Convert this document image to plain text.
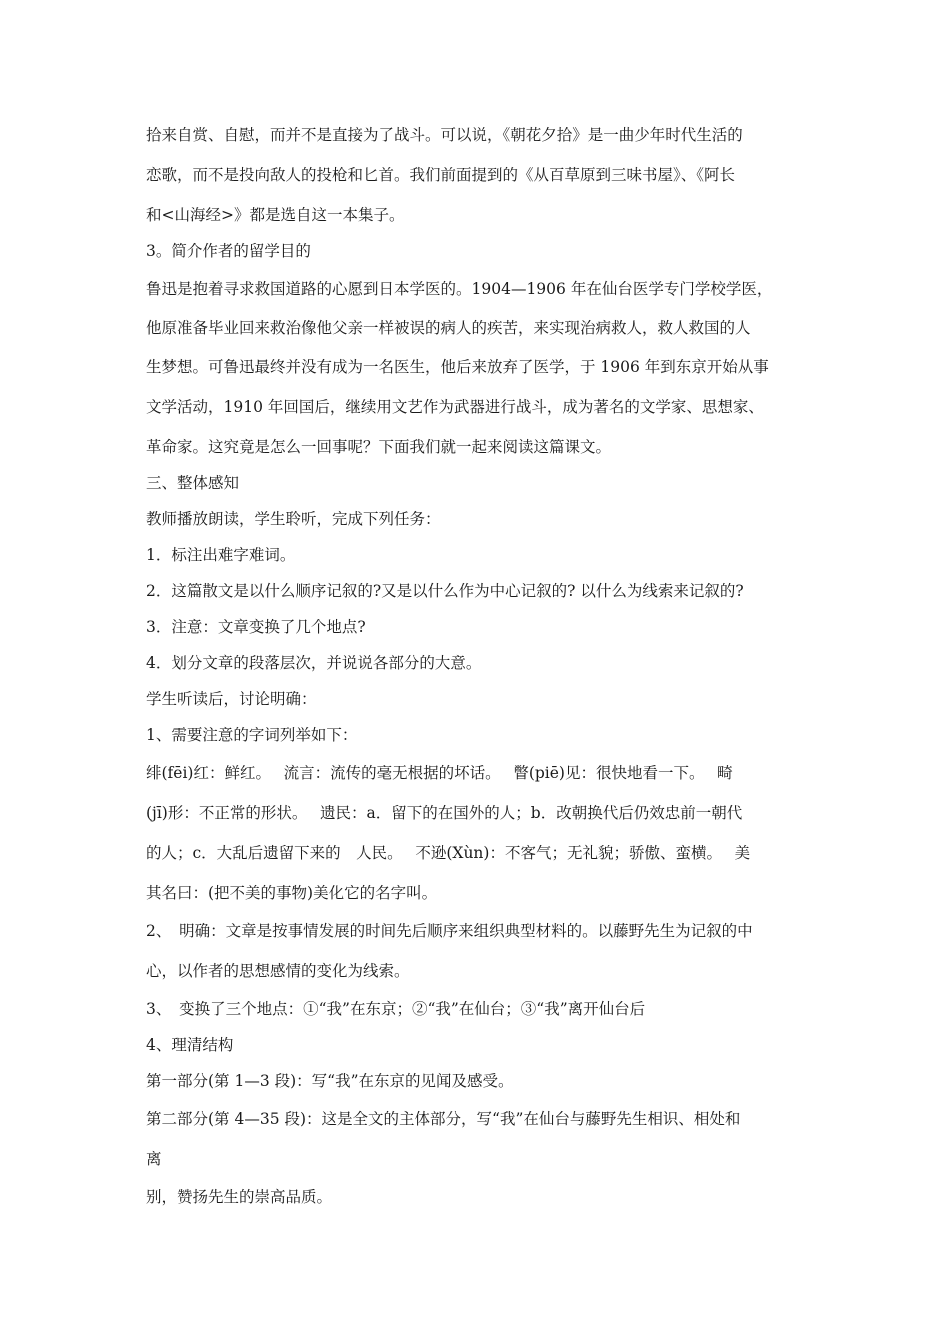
拾来自赏、自慰，而并不是直接为了战斗。可以说，《朝花夕拾》是一曲少年时代生活的
恋歌，而不是投向敌人的投枪和匕首。我们前面提到的《从百草原到三味书屋》、《阿长
和<山海经>》都是选自这一本集子。
3。简介作者的留学目的
鲁迅是抱着寻求救国道路的心愿到日本学医的。1904—1906 年在仙台医学专门学校学医，
他原准备毕业回来救治像他父亲一样被误的病人的疾苦，来实现治病救人，救人救国的人
生梦想。可鲁迅最终并没有成为一名医生，他后来放弃了医学，于 1906 年到东京开始从事
文学活动，1910 年回国后，继续用文艺作为武器进行战斗，成为著名的文学家、思想家、
革命家。这究竟是怎么一回事呢？下面我们就一起来阅读这篇课文。
三、整体感知
教师播放朗读，学生聆听，完成下列任务：
1．标注出难字难词。
2．这篇散文是以什么顺序记叙的?又是以什么作为中心记叙的? 以什么为线索来记叙的?
3．注意：文章变换了几个地点?
4．划分文章的段落层次，并说说各部分的大意。
学生听读后，讨论明确：
1、需要注意的字词列举如下：
绯(fēi)红：鲜红。　 流言：流传的毫无根据的坏话。　 瞥(piē)见：很快地看一下。　 畸
(jī)形：不正常的形状。　 遗民：a．留下的在国外的人；b．改朝换代后仍效忠前一朝代
的人；c．大乱后遗留下来的　人民。　 不逊(Xùn)：不客气；无礼貌；骄傲、蛮横。　 美
其名曰：(把不美的事物)美化它的名字叫。
2、　明确：文章是按事情发展的时间先后顺序来组织典型材料的。以藤野先生为记叙的中
心，以作者的思想感情的变化为线索。
3、　变换了三个地点：①“我”在东京；②“我”在仙台；③“我”离开仙台后
4、理清结构
第一部分(第 1—3 段)：写“我”在东京的见闻及感受。
第二部分(第 4—35 段)：这是全文的主体部分，写“我”在仙台与藤野先生相识、相处和
离
别，赞扬先生的崇高品质。
